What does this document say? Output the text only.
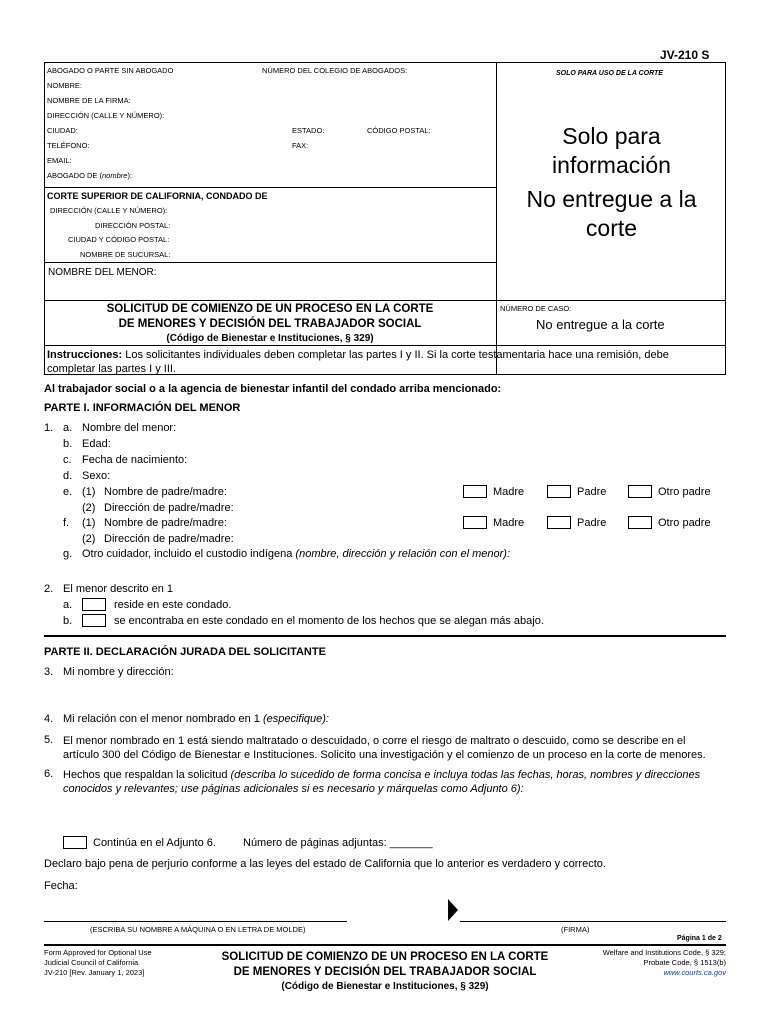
JV-210 S
ABOGADO O PARTE SIN ABOGADO	NÚMERO DEL COLEGIO DE ABOGADOS:
NOMBRE:
NOMBRE DE LA FIRMA:
DIRECCIÓN (CALLE Y NÚMERO):
CIUDAD:	ESTADO:	CÓDIGO POSTAL:
TELÉFONO:	FAX:
EMAIL:
ABOGADO DE (nombre):
CORTE SUPERIOR DE CALIFORNIA, CONDADO DE
DIRECCIÓN (CALLE Y NÚMERO):
DIRECCIÓN POSTAL:
CIUDAD Y CÓDIGO POSTAL:
NOMBRE DE SUCURSAL:
NOMBRE DEL MENOR:
SOLO PARA USO DE LA CORTE
Solo para
información
No entregue a la
corte
SOLICITUD DE COMIENZO DE UN PROCESO EN LA CORTE
DE MENORES Y DECISIÓN DEL TRABAJADOR SOCIAL
(Código de Bienestar e Instituciones, § 329)
NÚMERO DE CASO:
No entregue a la corte
Instrucciones: Los solicitantes individuales deben completar las partes I y II. Si la corte testamentaria hace una remisión, debe
completar las partes I y III.
Al trabajador social o a la agencia de bienestar infantil del condado arriba mencionado:
PARTE I. INFORMACIÓN DEL MENOR
1. a. Nombre del menor:
b. Edad:
c. Fecha de nacimiento:
d. Sexo:
e. (1) Nombre de padre/madre:	Madre	Padre	Otro padre
(2) Dirección de padre/madre:
f. (1) Nombre de padre/madre:	Madre	Padre	Otro padre
(2) Dirección de padre/madre:
g. Otro cuidador, incluido el custodio indígena (nombre, dirección y relación con el menor):
2. El menor descrito en 1
a.	reside en este condado.
b.	se encontraba en este condado en el momento de los hechos que se alegan más abajo.
PARTE II. DECLARACIÓN JURADA DEL SOLICITANTE
3. Mi nombre y dirección:
4. Mi relación con el menor nombrado en 1 (especifique):
5. El menor nombrado en 1 está siendo maltratado o descuidado, o corre el riesgo de maltrato o descuido, como se describe en el
artículo 300 del Código de Bienestar e Instituciones. Solicito una investigación y el comienzo de un proceso en la corte de menores.
6. Hechos que respaldan la solicitud (describa lo sucedido de forma concisa e incluya todas las fechas, horas, nombres y direcciones
conocidos y relevantes; use páginas adicionales si es necesario y márquelas como Adjunto 6):
Continúa en el Adjunto 6. Número de páginas adjuntas: _______
Declaro bajo pena de perjurio conforme a las leyes del estado de California que lo anterior es verdadero y correcto.
Fecha:
(ESCRIBA SU NOMBRE A MÁQUINA O EN LETRA DE MOLDE)	(FIRMA)
Página 1 de 2
Form Approved for Optional Use
Judicial Council of California
JV-210 [Rev. January 1, 2023]
SOLICITUD DE COMIENZO DE UN PROCESO EN LA CORTE
DE MENORES Y DECISIÓN DEL TRABAJADOR SOCIAL
(Código de Bienestar e Instituciones, § 329)
Welfare and Institutions Code, § 329;
Probate Code, § 1513(b)
www.courts.ca.gov
